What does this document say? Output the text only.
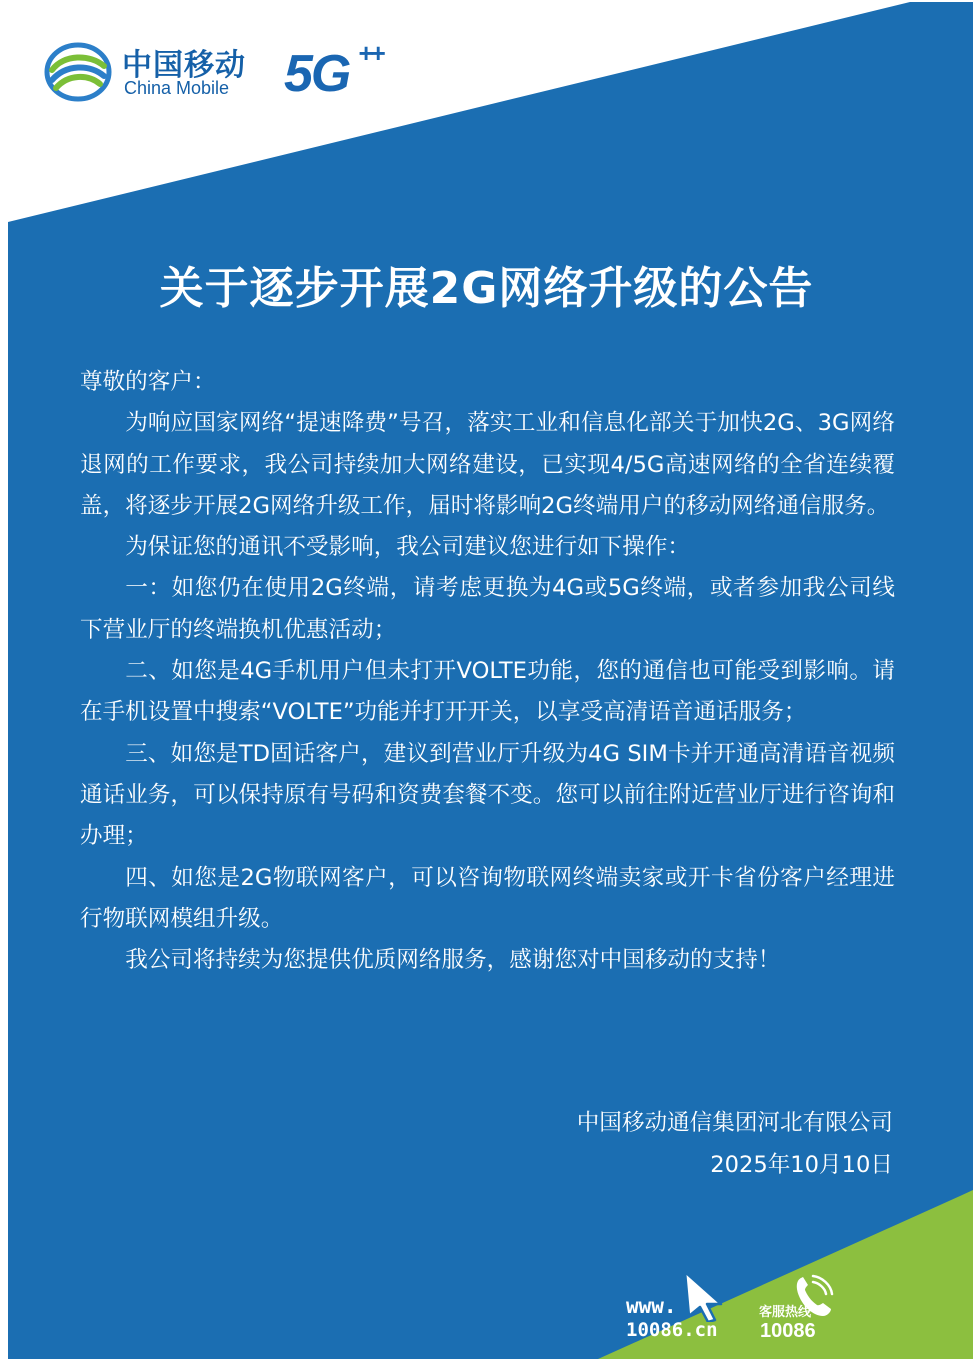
中国移动
China Mobile 5G ++
关于逐步开展2G网络升级的公告

尊敬的客户：

为响应国家网络“提速降费”号召，落实工业和信息化部关于加快2G、3G网络退网的工作要求，我公司持续加大网络建设，已实现4/5G高速网络的全省连续覆盖，将逐步开展2G网络升级工作，届时将影响2G终端用户的移动网络通信服务。

为保证您的通讯不受影响，我公司建议您进行如下操作：

一：如您仍在使用2G终端，请考虑更换为4G或5G终端，或者参加我公司线下营业厅的终端换机优惠活动；

二、如您是4G手机用户但未打开VOLTE功能，您的通信也可能受到影响。请在手机设置中搜索“VOLTE”功能并打开开关，以享受高清语音通话服务；

三、如您是TD固话客户，建议到营业厅升级为4G SIM卡并开通高清语音视频通话业务，可以保持原有号码和资费套餐不变。您可以前往附近营业厅进行咨询和办理；

四、如您是2G物联网客户，可以咨询物联网终端卖家或开卡省份客户经理进行物联网模组升级。

我公司将持续为您提供优质网络服务，感谢您对中国移动的支持！

中国移动通信集团河北有限公司
2025年10月10日
www.
10086.cn
客服热线
10086
